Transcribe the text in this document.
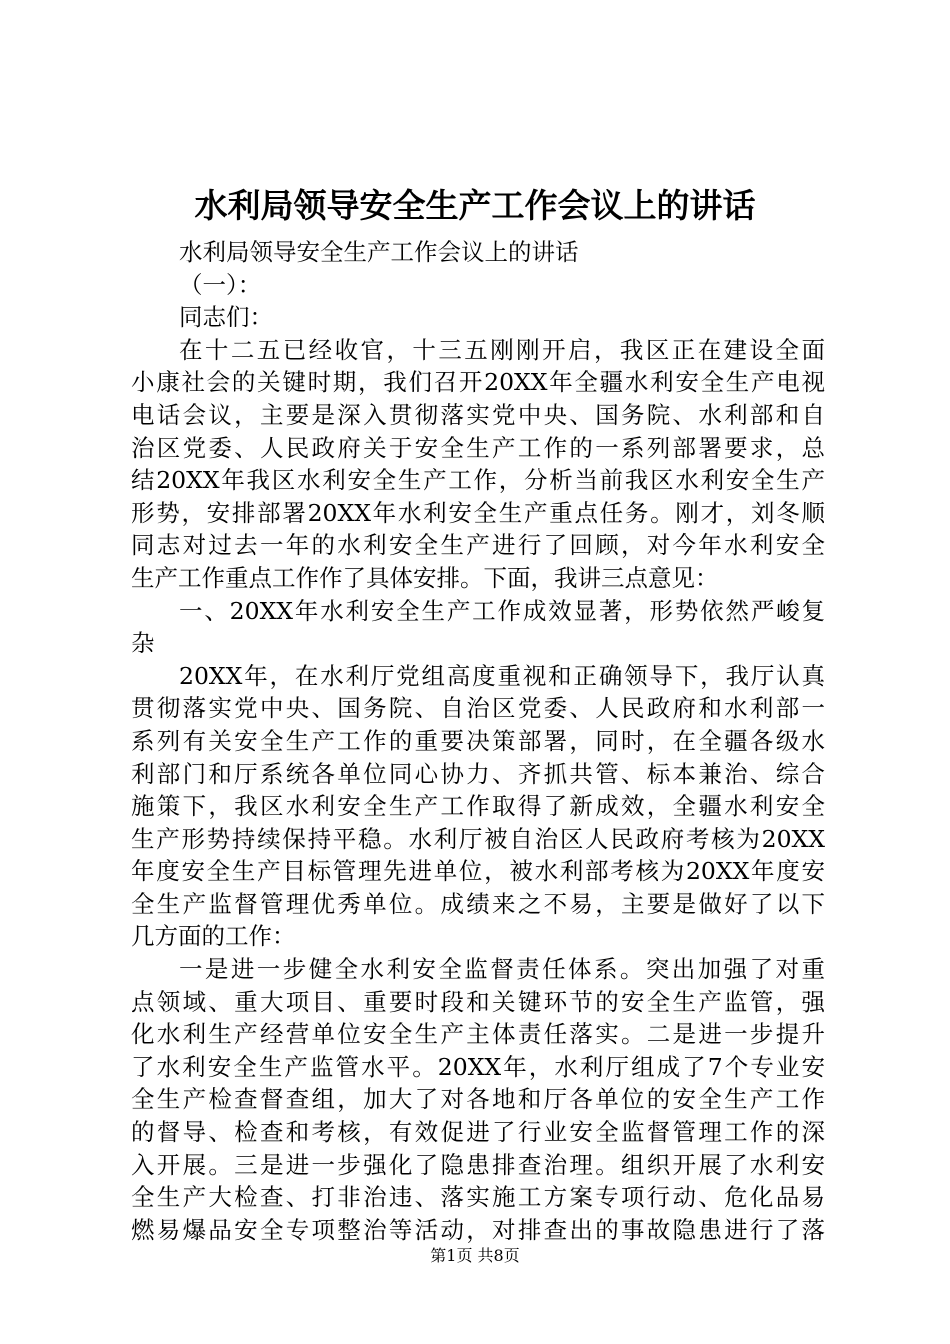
水利局领导安全生产工作会议上的讲话
水利局领导安全生产工作会议上的讲话
（一）：
同志们：
在十二五已经收官，十三五刚刚开启，我区正在建设全面
小康社会的关键时期，我们召开20XX年全疆水利安全生产电视
电话会议，主要是深入贯彻落实党中央、国务院、水利部和自
治区党委、人民政府关于安全生产工作的一系列部署要求，总
结20XX年我区水利安全生产工作，分析当前我区水利安全生产
形势，安排部署20XX年水利安全生产重点任务。刚才，刘冬顺
同志对过去一年的水利安全生产进行了回顾，对今年水利安全
生产工作重点工作作了具体安排。下面，我讲三点意见：
一、20XX年水利安全生产工作成效显著，形势依然严峻复
杂
20XX年，在水利厅党组高度重视和正确领导下，我厅认真
贯彻落实党中央、国务院、自治区党委、人民政府和水利部一
系列有关安全生产工作的重要决策部署，同时，在全疆各级水
利部门和厅系统各单位同心协力、齐抓共管、标本兼治、综合
施策下，我区水利安全生产工作取得了新成效，全疆水利安全
生产形势持续保持平稳。水利厅被自治区人民政府考核为20XX
年度安全生产目标管理先进单位，被水利部考核为20XX年度安
全生产监督管理优秀单位。成绩来之不易，主要是做好了以下
几方面的工作：
一是进一步健全水利安全监督责任体系。突出加强了对重
点领域、重大项目、重要时段和关键环节的安全生产监管，强
化水利生产经营单位安全生产主体责任落实。二是进一步提升
了水利安全生产监管水平。20XX年，水利厅组成了7个专业安
全生产检查督查组，加大了对各地和厅各单位的安全生产工作
的督导、检查和考核，有效促进了行业安全监督管理工作的深
入开展。三是进一步强化了隐患排查治理。组织开展了水利安
全生产大检查、打非治违、落实施工方案专项行动、危化品易
燃易爆品安全专项整治等活动，对排查出的事故隐患进行了落
第1页 共8页
